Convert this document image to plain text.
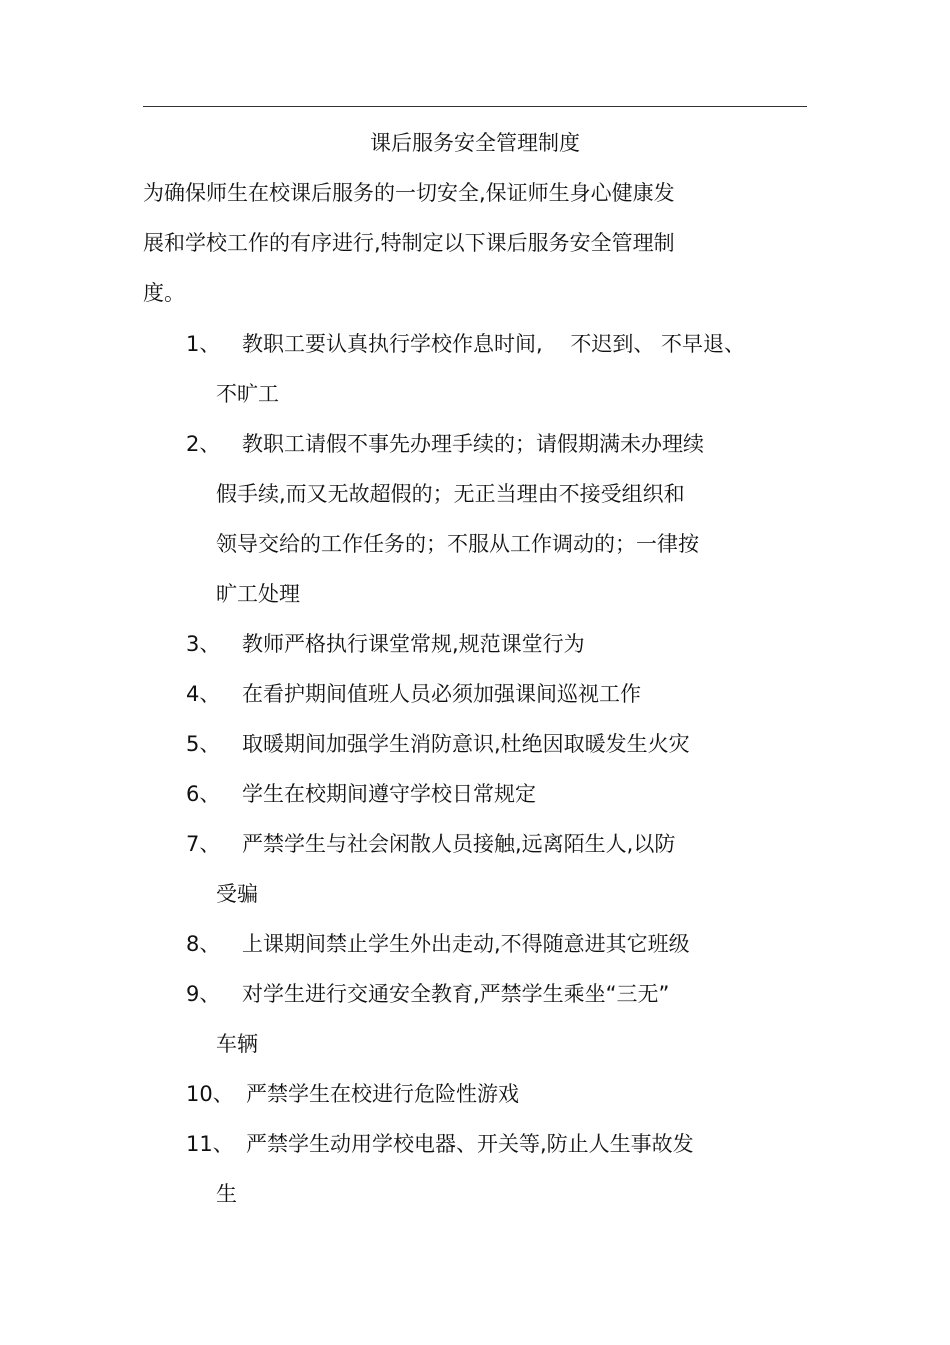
课后服务安全管理制度
为确保师生在校课后服务的一切安全,保证师生身心健康发
展和学校工作的有序进行,特制定以下课后服务安全管理制
度。
1、 教职工要认真执行学校作息时间,　 不迟到、 不早退、
不旷工
2、 教职工请假不事先办理手续的；请假期满未办理续
假手续,而又无故超假的；无正当理由不接受组织和
领导交给的工作任务的；不服从工作调动的；一律按
旷工处理
3、 教师严格执行课堂常规,规范课堂行为
4、 在看护期间值班人员必须加强课间巡视工作
5、 取暖期间加强学生消防意识,杜绝因取暖发生火灾
6、 学生在校期间遵守学校日常规定
7、 严禁学生与社会闲散人员接触,远离陌生人,以防
受骗
8、 上课期间禁止学生外出走动,不得随意进其它班级
9、 对学生进行交通安全教育,严禁学生乘坐“三无”
车辆
10、 严禁学生在校进行危险性游戏
11、 严禁学生动用学校电器、开关等,防止人生事故发
生
